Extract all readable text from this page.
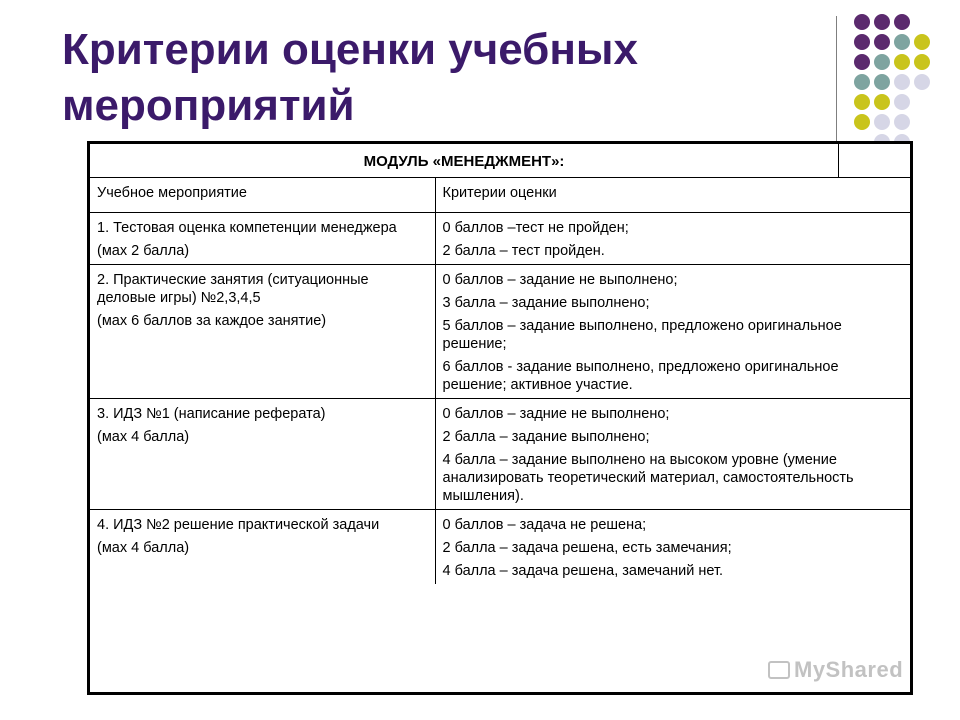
Критерии оценки учебных
мероприятий
МОДУЛЬ «МЕНЕДЖМЕНТ»:
Учебное мероприятие	Критерии оценки

1. Тестовая оценка компетенции менеджера
(мах 2 балла)	0 баллов –тест не пройден;
2 балла – тест пройден.

2. Практические занятия (ситуационные деловые игры) №2,3,4,5
(мах 6 баллов за каждое занятие)	0 баллов – задание не выполнено;
3 балла – задание выполнено;
5 баллов – задание выполнено, предложено оригинальное решение;
6 баллов - задание выполнено, предложено оригинальное решение; активное участие.

3. ИДЗ №1 (написание реферата)
(мах 4 балла)	0 баллов – задние не выполнено;
2 балла – задание выполнено;
4 балла – задание выполнено на высоком уровне (умение анализировать теоретический материал, самостоятельность мышления).

4. ИДЗ №2 решение практической задачи
(мах 4 балла)	0 баллов – задача не решена;
2 балла – задача решена, есть замечания;
4 балла – задача решена, замечаний нет.
MyShared
